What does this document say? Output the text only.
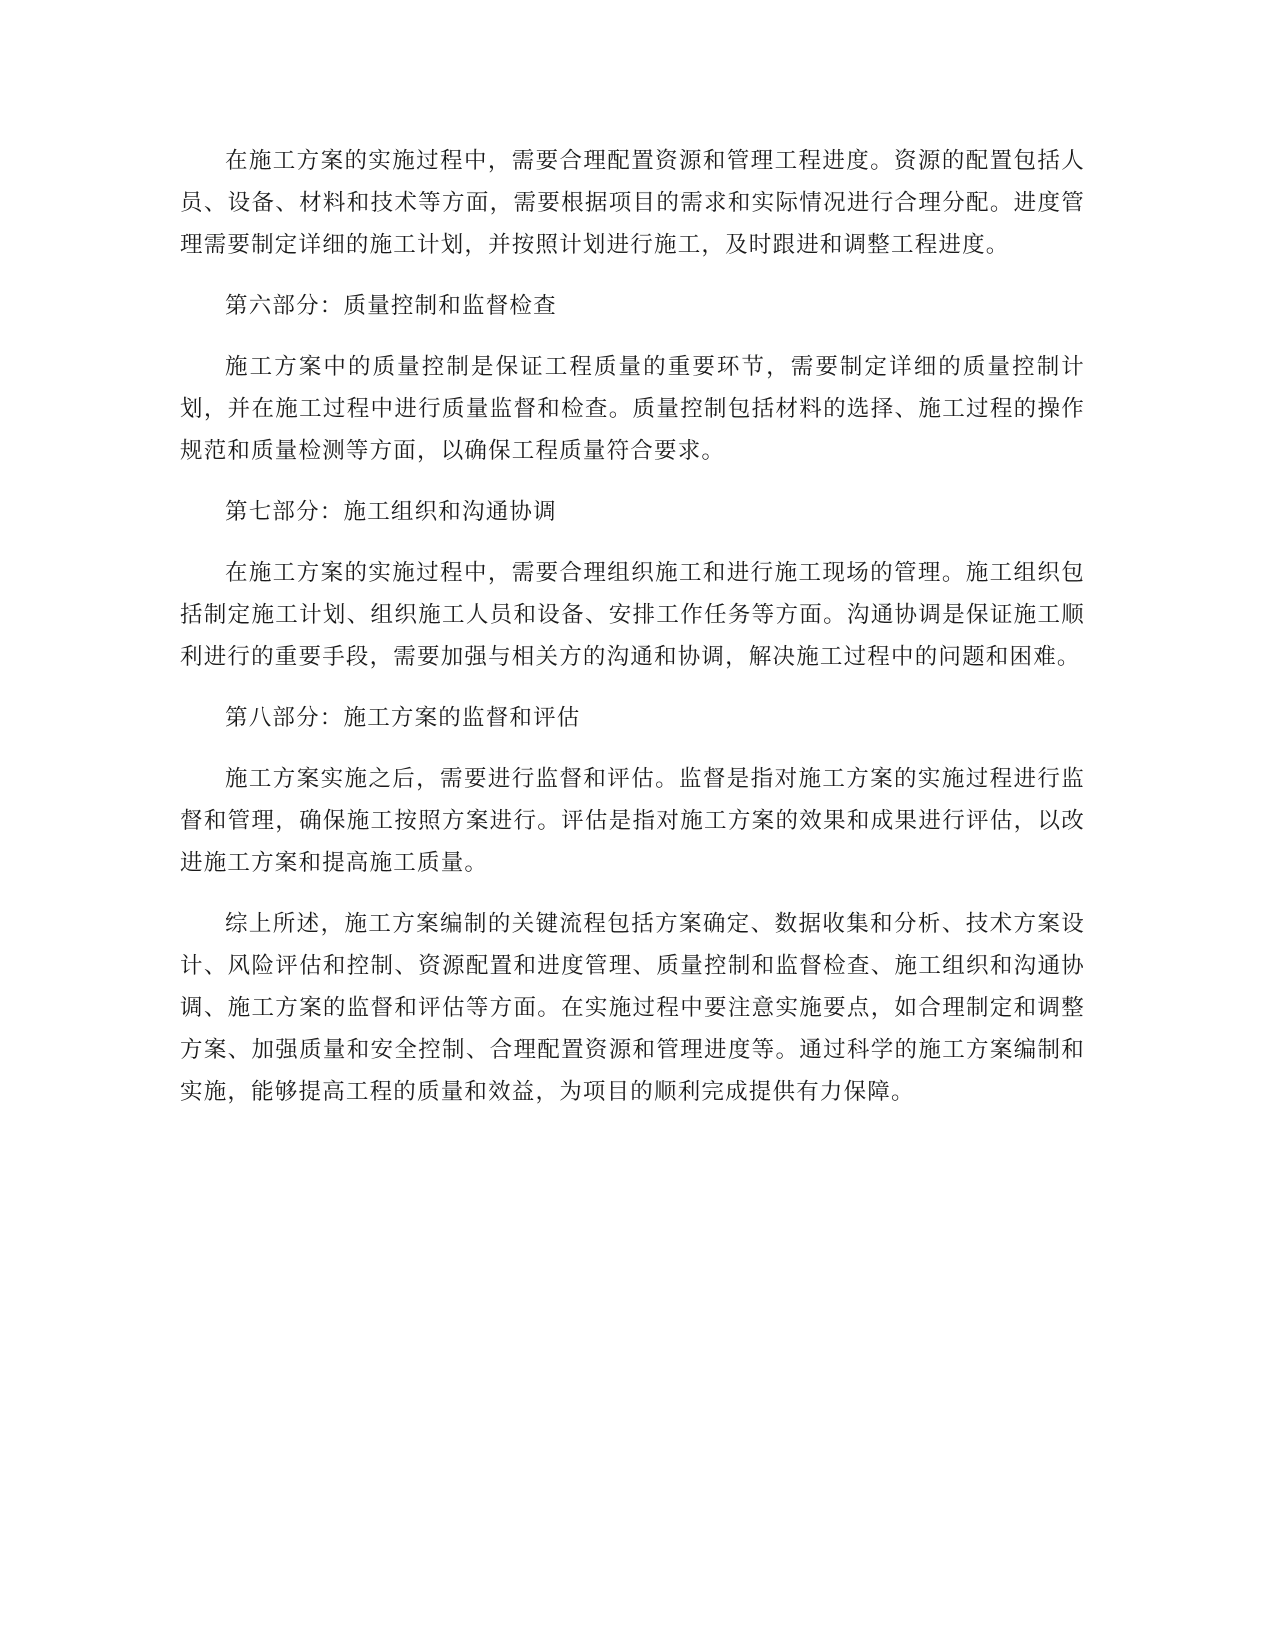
在施工方案的实施过程中，需要合理配置资源和管理工程进度。资源的配置包括人员、设备、材料和技术等方面，需要根据项目的需求和实际情况进行合理分配。进度管理需要制定详细的施工计划，并按照计划进行施工，及时跟进和调整工程进度。

第六部分：质量控制和监督检查

施工方案中的质量控制是保证工程质量的重要环节，需要制定详细的质量控制计划，并在施工过程中进行质量监督和检查。质量控制包括材料的选择、施工过程的操作规范和质量检测等方面，以确保工程质量符合要求。

第七部分：施工组织和沟通协调

在施工方案的实施过程中，需要合理组织施工和进行施工现场的管理。施工组织包括制定施工计划、组织施工人员和设备、安排工作任务等方面。沟通协调是保证施工顺利进行的重要手段，需要加强与相关方的沟通和协调，解决施工过程中的问题和困难。

第八部分：施工方案的监督和评估

施工方案实施之后，需要进行监督和评估。监督是指对施工方案的实施过程进行监督和管理，确保施工按照方案进行。评估是指对施工方案的效果和成果进行评估，以改进施工方案和提高施工质量。

综上所述，施工方案编制的关键流程包括方案确定、数据收集和分析、技术方案设计、风险评估和控制、资源配置和进度管理、质量控制和监督检查、施工组织和沟通协调、施工方案的监督和评估等方面。在实施过程中要注意实施要点，如合理制定和调整方案、加强质量和安全控制、合理配置资源和管理进度等。通过科学的施工方案编制和实施，能够提高工程的质量和效益，为项目的顺利完成提供有力保障。
